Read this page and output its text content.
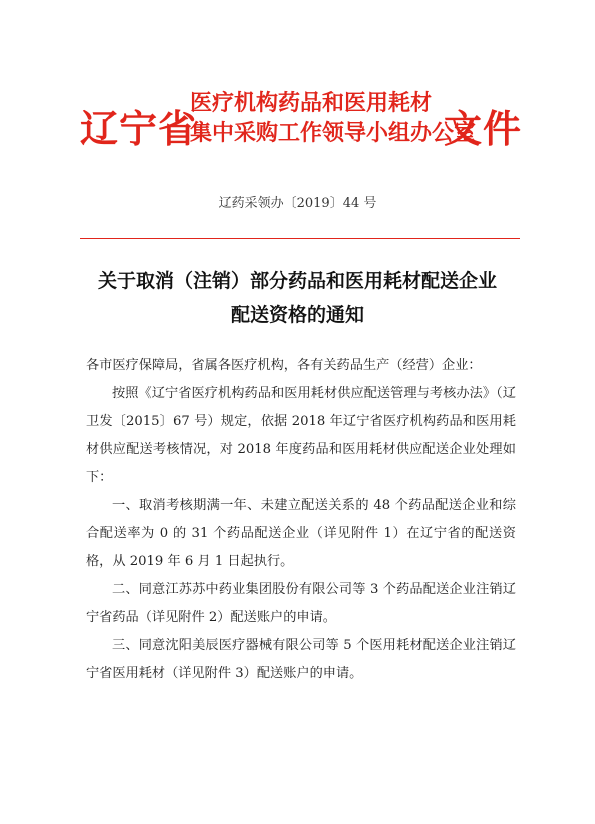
辽宁省
医疗机构药品和医用耗材
集中采购工作领导小组办公室
文件
辽药采领办〔2019〕44 号
关于取消（注销）部分药品和医用耗材配送企业
配送资格的通知

各市医疗保障局，省属各医疗机构，各有关药品生产（经营）企业：

按照《辽宁省医疗机构药品和医用耗材供应配送管理与考核办法》（辽卫发〔2015〕67 号）规定，依据 2018 年辽宁省医疗机构药品和医用耗材供应配送考核情况，对 2018 年度药品和医用耗材供应配送企业处理如下：

一、取消考核期满一年、未建立配送关系的 48 个药品配送企业和综合配送率为 0 的 31 个药品配送企业（详见附件 1）在辽宁省的配送资格，从 2019 年 6 月 1 日起执行。

二、同意江苏苏中药业集团股份有限公司等 3 个药品配送企业注销辽宁省药品（详见附件 2）配送账户的申请。

三、同意沈阳美辰医疗器械有限公司等 5 个医用耗材配送企业注销辽宁省医用耗材（详见附件 3）配送账户的申请。
